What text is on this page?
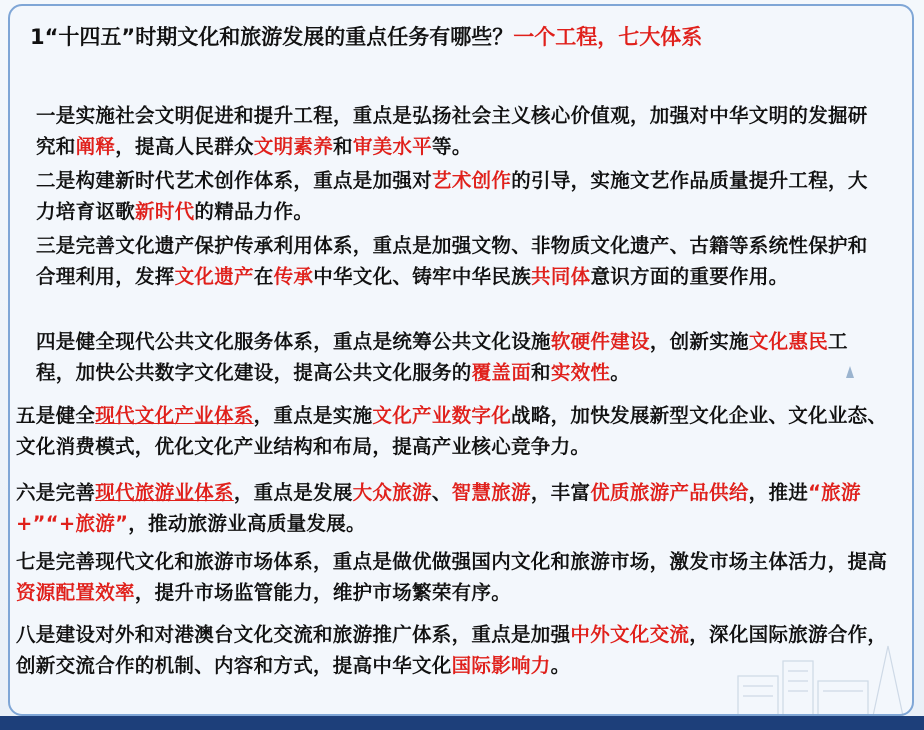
1“十四五”时期文化和旅游发展的重点任务有哪些？一个工程，七大体系
一是实施社会文明促进和提升工程，重点是弘扬社会主义核心价值观，加强对中华文明的发掘研究和阐释，提高人民群众文明素养和审美水平等。
二是构建新时代艺术创作体系，重点是加强对艺术创作的引导，实施文艺作品质量提升工程，大力培育讴歌新时代的精品力作。
三是完善文化遗产保护传承利用体系，重点是加强文物、非物质文化遗产、古籍等系统性保护和合理利用，发挥文化遗产在传承中华文化、铸牢中华民族共同体意识方面的重要作用。
四是健全现代公共文化服务体系，重点是统筹公共文化设施软硬件建设，创新实施文化惠民工程，加快公共数字文化建设，提高公共文化服务的覆盖面和实效性。
五是健全现代文化产业体系，重点是实施文化产业数字化战略，加快发展新型文化企业、文化业态、文化消费模式，优化文化产业结构和布局，提高产业核心竞争力。
六是完善现代旅游业体系，重点是发展大众旅游、智慧旅游，丰富优质旅游产品供给，推进“旅游+”“+旅游”，推动旅游业高质量发展。
七是完善现代文化和旅游市场体系，重点是做优做强国内文化和旅游市场，激发市场主体活力，提高资源配置效率，提升市场监管能力，维护市场繁荣有序。
八是建设对外和对港澳台文化交流和旅游推广体系，重点是加强中外文化交流，深化国际旅游合作，创新交流合作的机制、内容和方式，提高中华文化国际影响力。
